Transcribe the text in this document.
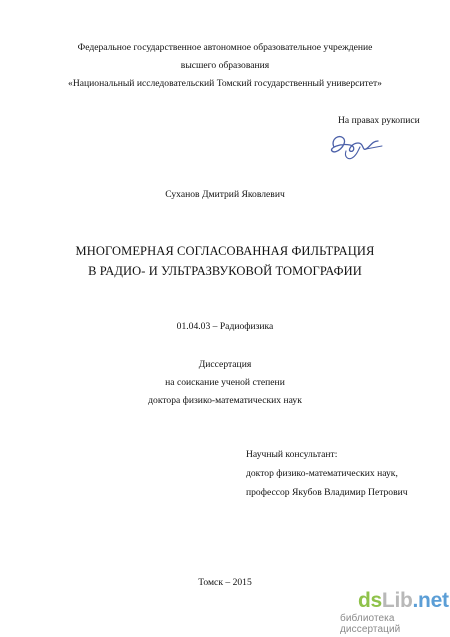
Федеральное государственное автономное образовательное учреждение
высшего образования
«Национальный исследовательский Томский государственный университет»
На правах рукописи
Суханов Дмитрий Яковлевич
МНОГОМЕРНАЯ СОГЛАСОВАННАЯ ФИЛЬТРАЦИЯ
В РАДИО- И УЛЬТРАЗВУКОВОЙ ТОМОГРАФИИ
01.04.03 – Радиофизика
Диссертация
на соискание ученой степени
доктора физико-математических наук
Научный консультант:
доктор физико-математических наук,
профессор Якубов Владимир Петрович
Томск – 2015
dsLib.net
библиотека диссертаций
